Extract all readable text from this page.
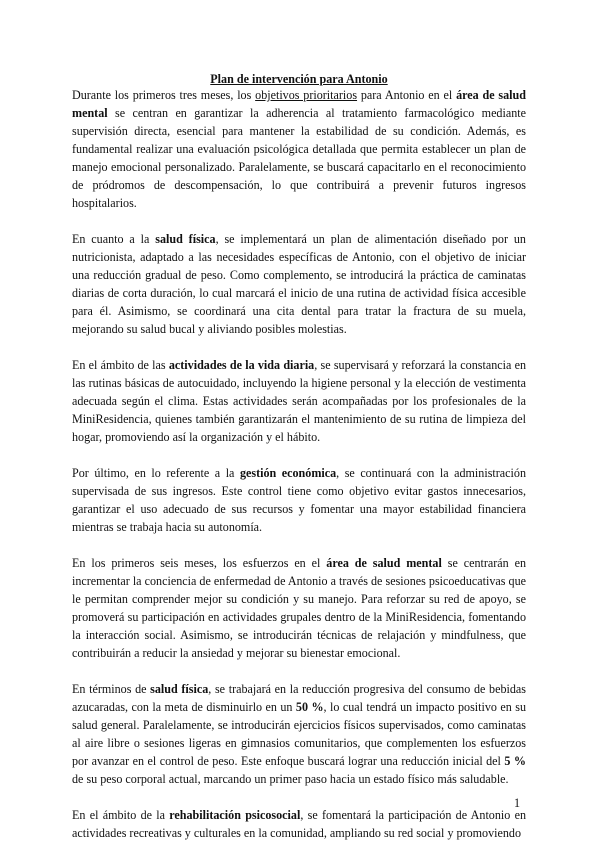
Plan de intervención para Antonio

Durante los primeros tres meses, los objetivos prioritarios para Antonio en el área de salud mental se centran en garantizar la adherencia al tratamiento farmacológico mediante supervisión directa, esencial para mantener la estabilidad de su condición. Además, es fundamental realizar una evaluación psicológica detallada que permita establecer un plan de manejo emocional personalizado. Paralelamente, se buscará capacitarlo en el reconocimiento de pródromos de descompensación, lo que contribuirá a prevenir futuros ingresos hospitalarios.

En cuanto a la salud física, se implementará un plan de alimentación diseñado por un nutricionista, adaptado a las necesidades específicas de Antonio, con el objetivo de iniciar una reducción gradual de peso. Como complemento, se introducirá la práctica de caminatas diarias de corta duración, lo cual marcará el inicio de una rutina de actividad física accesible para él. Asimismo, se coordinará una cita dental para tratar la fractura de su muela, mejorando su salud bucal y aliviando posibles molestias.

En el ámbito de las actividades de la vida diaria, se supervisará y reforzará la constancia en las rutinas básicas de autocuidado, incluyendo la higiene personal y la elección de vestimenta adecuada según el clima. Estas actividades serán acompañadas por los profesionales de la MiniResidencia, quienes también garantizarán el mantenimiento de su rutina de limpieza del hogar, promoviendo así la organización y el hábito.

Por último, en lo referente a la gestión económica, se continuará con la administración supervisada de sus ingresos. Este control tiene como objetivo evitar gastos innecesarios, garantizar el uso adecuado de sus recursos y fomentar una mayor estabilidad financiera mientras se trabaja hacia su autonomía.

En los primeros seis meses, los esfuerzos en el área de salud mental se centrarán en incrementar la conciencia de enfermedad de Antonio a través de sesiones psicoeducativas que le permitan comprender mejor su condición y su manejo. Para reforzar su red de apoyo, se promoverá su participación en actividades grupales dentro de la MiniResidencia, fomentando la interacción social. Asimismo, se introducirán técnicas de relajación y mindfulness, que contribuirán a reducir la ansiedad y mejorar su bienestar emocional.

En términos de salud física, se trabajará en la reducción progresiva del consumo de bebidas azucaradas, con la meta de disminuirlo en un 50 %, lo cual tendrá un impacto positivo en su salud general. Paralelamente, se introducirán ejercicios físicos supervisados, como caminatas al aire libre o sesiones ligeras en gimnasios comunitarios, que complementen los esfuerzos por avanzar en el control de peso. Este enfoque buscará lograr una reducción inicial del 5 % de su peso corporal actual, marcando un primer paso hacia un estado físico más saludable.

En el ámbito de la rehabilitación psicosocial, se fomentará la participación de Antonio en actividades recreativas y culturales en la comunidad, ampliando su red social y promoviendo

1
